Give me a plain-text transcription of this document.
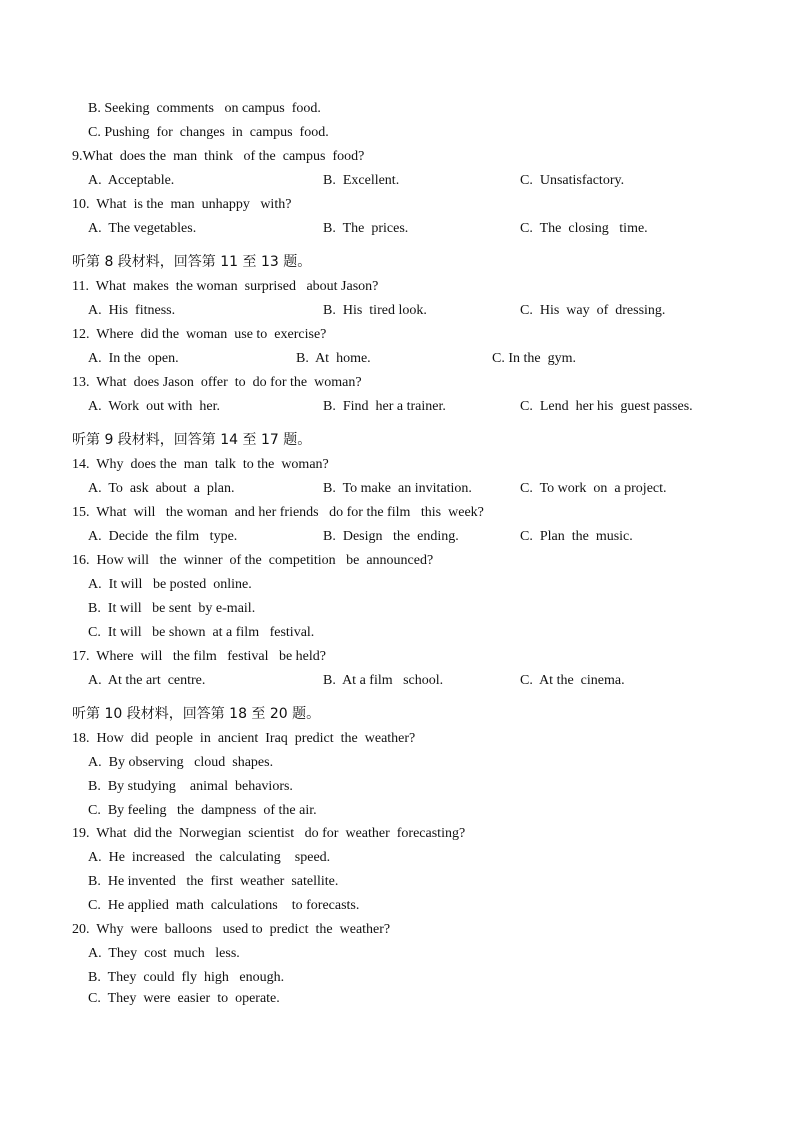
B. Seeking  comments   on campus  food.
C. Pushing  for  changes  in  campus  food.
9.What  does the  man  think   of the  campus  food?
A.  Acceptable.	B.  Excellent.	C.  Unsatisfactory.
10.  What  is the  man  unhappy   with?
A.  The vegetables.	B.  The  prices.	C.  The  closing   time.
听第 8 段材料，回答第 11 至 13 题。
11.  What  makes  the woman  surprised   about Jason?
A.  His  fitness.	B.  His  tired look.	C.  His  way  of  dressing.
12.  Where  did the  woman  use to  exercise?
A.  In the  open.	B.  At  home.	C. In the  gym.
13.  What  does Jason  offer  to  do for the  woman?
A.  Work  out with  her.	B.  Find  her a trainer.	C.  Lend  her his  guest passes.
听第 9 段材料，回答第 14 至 17 题。
14.  Why  does the  man  talk  to the  woman?
A.  To  ask  about  a  plan.	B.  To make  an invitation.	C.  To work  on  a project.
15.  What  will   the woman  and her friends   do for the film   this  week?
A.  Decide  the film   type.	B.  Design   the  ending.	C.  Plan  the  music.
16.  How will   the  winner  of the  competition   be  announced?
A.  It will   be posted  online.
B.  It will   be sent  by e-mail.
C.  It will   be shown  at a film   festival.
17.  Where  will   the film   festival   be held?
A.  At the art  centre.	B.  At a film   school.	C.  At the  cinema.
听第 10 段材料，回答第 18 至 20 题。
18.  How  did  people  in  ancient  Iraq  predict  the  weather?
A.  By observing   cloud  shapes.
B.  By studying    animal  behaviors.
C.  By feeling   the  dampness  of the air.
19.  What  did the  Norwegian  scientist   do for  weather  forecasting?
A.  He  increased   the  calculating    speed.
B.  He invented   the  first  weather  satellite.
C.  He applied  math  calculations    to forecasts.
20.  Why  were  balloons   used to  predict  the  weather?
A.  They  cost  much   less.
B.  They  could  fly  high   enough.
C.  They  were  easier  to  operate.
